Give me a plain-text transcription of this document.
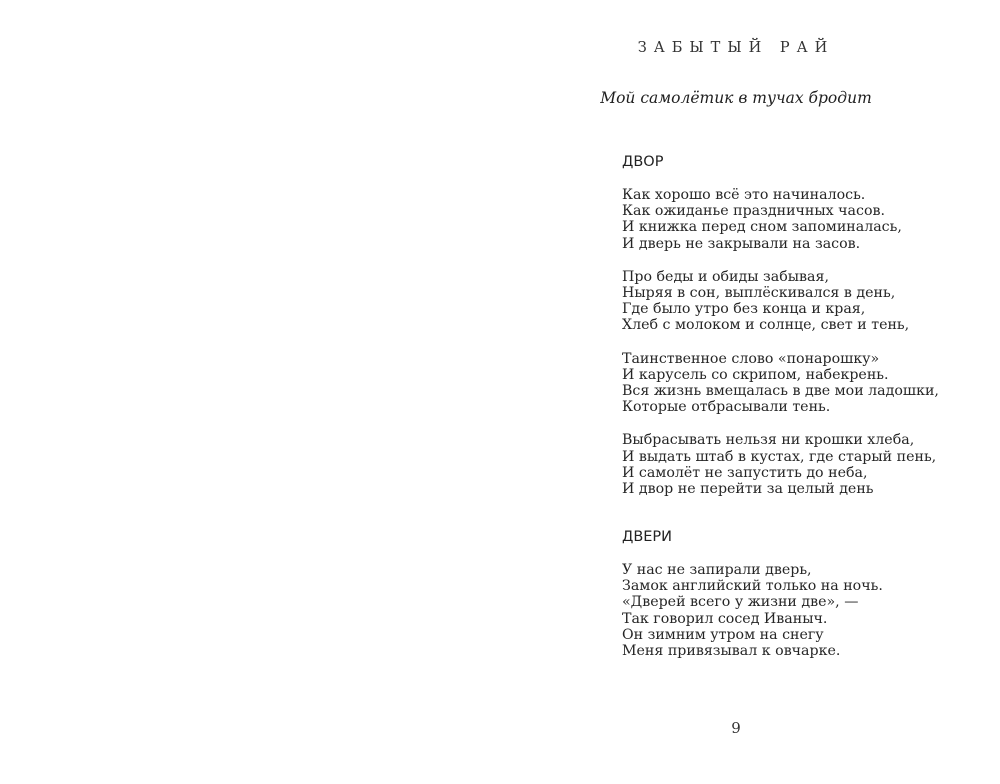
ЗАБЫТЫЙ РАЙ
Мой самолётик в тучах бродит
ДВОР
Как хорошо всё это начиналось.
Как ожиданье праздничных часов.
И книжка перед сном запоминалась,
И дверь не закрывали на засов.
Про беды и обиды забывая,
Ныряя в сон, выплёскивался в день,
Где было утро без конца и края,
Хлеб с молоком и солнце, свет и тень,
Таинственное слово «понарошку»
И карусель со скрипом, набекрень.
Вся жизнь вмещалась в две мои ладошки,
Которые отбрасывали тень.
Выбрасывать нельзя ни крошки хлеба,
И выдать штаб в кустах, где старый пень,
И самолёт не запустить до неба,
И двор не перейти за целый день
ДВЕРИ
У нас не запирали дверь,
Замок английский только на ночь.
«Дверей всего у жизни две», —
Так говорил сосед Иваныч.
Он зимним утром на снегу
Меня привязывал к овчарке.
9
